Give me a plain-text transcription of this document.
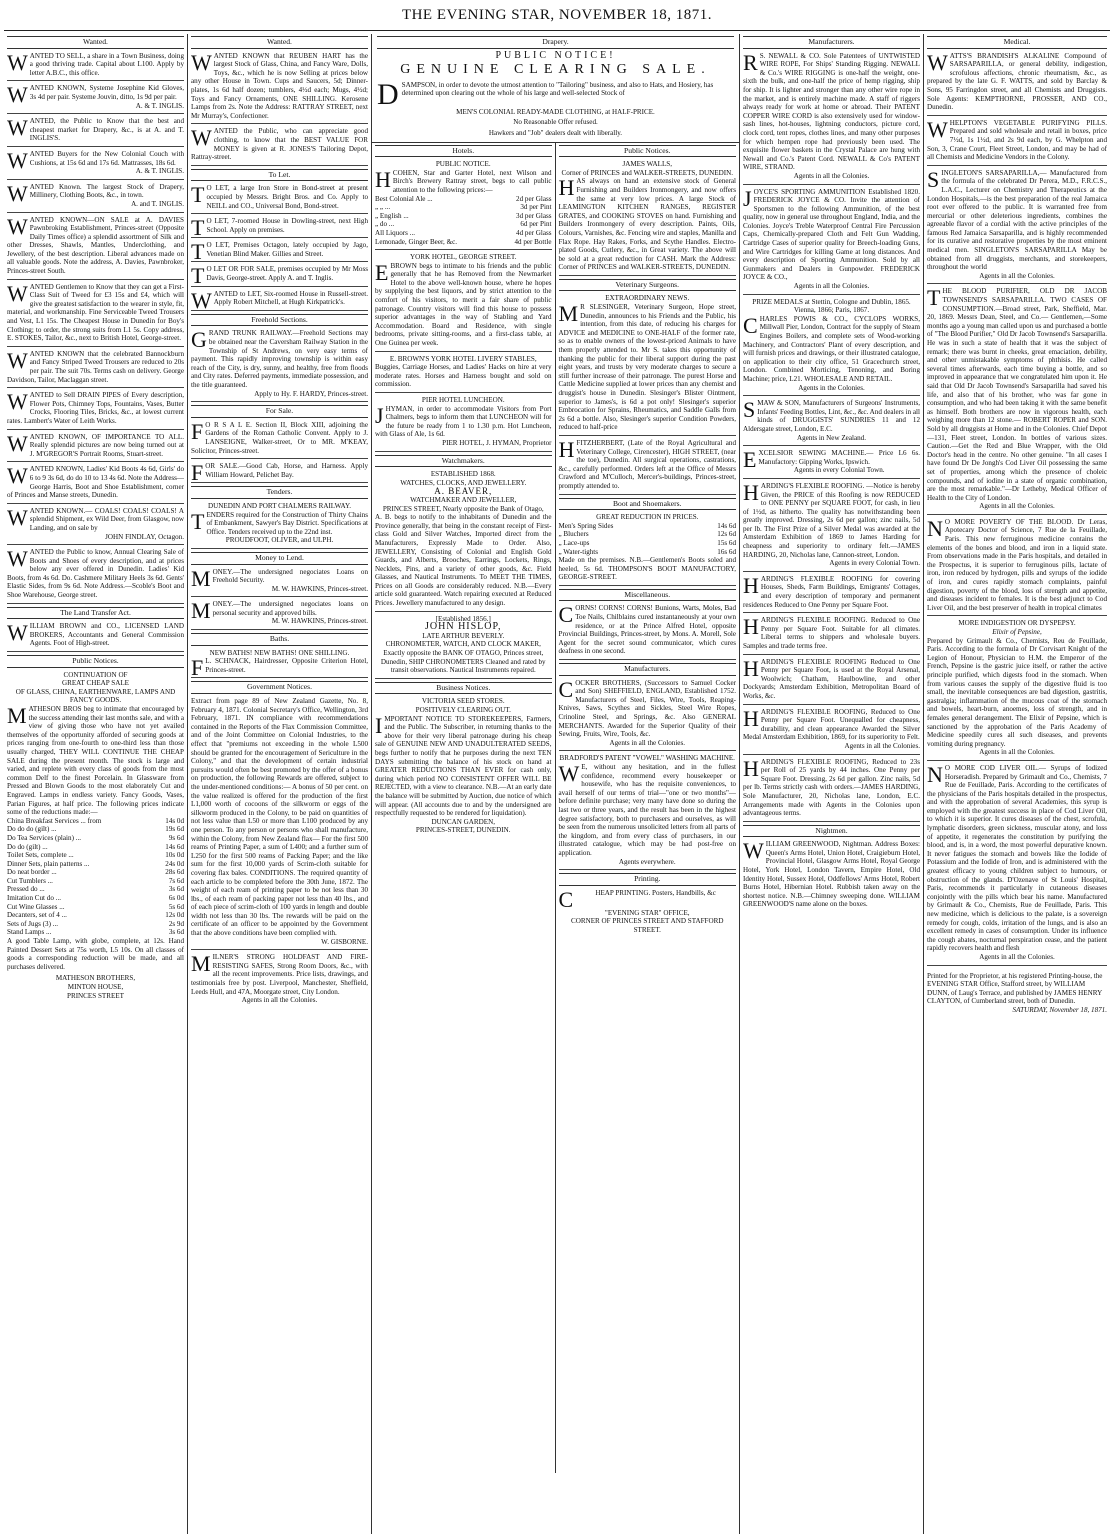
THE EVENING STAR, NOVEMBER 18, 1871.
Wanted.
W ANTED TO SELL, a share in a Town Business, doing a good thriving trade. Capital about L100. Apply by letter A.B.C., this office.

W ANTED KNOWN, Systeme Josephine Kid Gloves, 3s 4d per pair. Systeme Jouvin, ditto, 1s 9d per pair.

A. & T. INGLIS.

W ANTED, the Public to Know that the best and cheapest market for Drapery, &c., is at A. and T. INGLIS'S.

W ANTED Buyers for the New Colonial Couch with Cushions, at 15s 6d and 17s 6d. Mattrasses, 18s 6d.

A. & T. INGLIS.

W ANTED Known. The largest Stock of Drapery, Millinery, Clothing Boots, &c., in town.

A. and T. INGLIS.

W ANTED KNOWN—ON SALE at A. DAVIES Pawnbroking Establishment, Princes-street (Opposite Daily Times office) a splendid assortment of Silk and other Dresses, Shawls, Mantles, Underclothing, and Jewellery, of the best description. Liberal advances made on all valuable goods. Note the address, A. Davies, Pawnbroker, Princes-street South.

W ANTED Gentlemen to Know that they can get a First-Class Suit of Tweed for £3 15s and £4, which will give the greatest satisfaction to the wearer in style, fit, material, and workmanship. Fine Serviceable Tweed Trousers and Vest, L1 15s. The Cheapest House in Dunedin for Boy's Clothing; to order, the strong suits from L1 5s. Copy address, E. STOKES, Tailor, &c., next to British Hotel, George-street.

W ANTED KNOWN that the celebrated Bannockburn and Fancy Striped Tweed Trousers are reduced to 20s per pair. The suit 70s. Terms cash on delivery. George Davidson, Tailor, Maclaggan street.

W ANTED to Sell DRAIN PIPES of Every description, Flower Pots, Chimney Tops, Fountains, Vases, Butter Crocks, Flooring Tiles, Bricks, &c., at lowest current rates. Lambert's Water of Leith Works.

W ANTED KNOWN, OF IMPORTANCE TO ALL. Really splendid pictures are now being turned out at J. M'GREGOR'S Portrait Rooms, Stuart-street.

W ANTED KNOWN, Ladies' Kid Boots 4s 6d, Girls' do 6 to 9 3s 6d, do do 10 to 13 4s 6d. Note the Address—George Harris, Boot and Shoe Establishment, corner of Princes and Manse streets, Dunedin.

W ANTED KNOWN.— COALS! COALS! COALS! A splendid Shipment, ex Wild Deer, from Glasgow, now Landing, and on sale by

JOHN FINDLAY, Octagon.

W ANTED the Public to know, Annual Clearing Sale of Boots and Shoes of every description, and at prices below any ever offered in Dunedin. Ladies' Kid Boots, from 4s 6d. Do. Cashmere Military Heels 3s 6d. Gents' Elastic Sides, from 9s 6d. Note Address.—Scoble's Boot and Shoe Warehouse, George street.

The Land Transfer Act.
W ILLIAM BROWN and CO., LICENSED LAND BROKERS, Accountants and General Commission Agents. Foot of High-street.

Public Notices.
CONTINUATION OF
GREAT CHEAP SALE
OF GLASS, CHINA, EARTHENWARE, LAMPS AND FANCY GOODS.
M ATHESON BROS beg to intimate that encouraged by the success attending their last months sale, and with a view of giving those who have not yet availed themselves of the opportunity afforded of securing goods at prices ranging from one-fourth to one-third less than those usually charged, THEY WILL CONTINUE THE CHEAP SALE during the present month. The stock is large and varied, and replete with every class of goods from the most common Delf to the finest Porcelain. In Glassware from Pressed and Blown Goods to the most elaborately Cut and Engraved. Lamps in endless variety. Fancy Goods, Vases, Parian Figures, at half price. The following prices indicate some of the reductions made:—

China Breakfast Services ... from	14s 0d
Do do do (gilt) ...	19s 6d
Do Tea Services (plain) ...	9s 6d
Do do (gilt) ...	14s 6d
Toilet Sets, complete ...	10s 0d
Dinner Sets, plain patterns ...	24s 0d
Do neat border ...	28s 6d
Cut Tumblers ...	7s 6d
Pressed do ...	3s 6d
Imitation Cut do ...	6s 0d
Cut Wine Glasses ...	5s 6d
Decanters, set of 4 ...	12s 0d
Sets of Jugs (3) ...	2s 9d
Stand Lamps ...	3s 6d

A good Table Lamp, with globe, complete, at 12s. Hand Painted Dessert Sets at 75s worth, L5 10s. On all classes of goods a corresponding reduction will be made, and all purchases delivered.

MATHESON BROTHERS,
MINTON HOUSE,
PRINCES STREET
Wanted.
W ANTED KNOWN that REUBEN HART has the largest Stock of Glass, China, and Fancy Ware, Dolls, Toys, &c., which he is now Selling at prices below any other House in Town. Cups and Saucers, 5d; Dinner-plates, 1s 6d half dozen; tumblers, 4½d each; Mugs, 4½d; Toys and Fancy Ornaments, ONE SHILLING. Kerosene Lamps from 2s. Note the Address: RATTRAY STREET, next Mr Murray's, Confectioner.

W ANTED the Public, who can appreciate good clothing, to know that the BEST VALUE FOR MONEY is given at R. JONES'S Tailoring Depot, Rattray-street.

To Let.
T O LET, a large Iron Store in Bond-street at present occupied by Messrs. Bright Bros. and Co. Apply to NEILL and CO., Universal Bond, Bond-street.

T O LET, 7-roomed House in Dowling-street, next High School. Apply on premises.

T O LET, Premises Octagon, lately occupied by Jago, Venetian Blind Maker. Gillies and Street.

T O LET OR FOR SALE, premises occupied by Mr Moss Davis, George-street. Apply A. and T. Inglis.

W ANTED to LET, Six-roomed House in Russell-street. Apply Robert Mitchell, at Hugh Kirkpatrick's.

Freehold Sections.
G RAND TRUNK RAILWAY.—Freehold Sections may be obtained near the Caversham Railway Station in the Township of St Andrews, on very easy terms of payment. This rapidly improving township is within easy reach of the City, is dry, sunny, and healthy, free from floods and City rates. Deferred payments, immediate possession, and the title guaranteed.

Apply to Hy. F. HARDY, Princes-street.

For Sale.
F O R S A L E. Section II, Block XIII, adjoining the Gardens of the Roman Catholic Convent. Apply to J. LANSEIGNE, Walker-street, Or to MR. M'KEAY, Solicitor, Princes-street.

F OR SALE.—Good Cab, Horse, and Harness. Apply William Howard, Pelichet Bay.

Tenders.
DUNEDIN AND PORT CHALMERS RAILWAY.
T ENDERS required for the Construction of Thirty Chains of Embankment, Sawyer's Bay District. Specifications at Office. Tenders received up to the 22nd inst.

PROUDFOOT, OLIVER, and ULPH.

Money to Lend.
M ONEY.—The undersigned negociates Loans on Freehold Security.

M. W. HAWKINS, Princes-street.

M ONEY.—The undersigned negociates loans on personal security and approved bills.

M. W. HAWKINS, Princes-street.

Baths.
NEW BATHS! NEW BATHS! ONE SHILLING.
F L. SCHNACK, Hairdresser, Opposite Criterion Hotel, Princes-street.

Government Notices.

Extract from page 89 of New Zealand Gazette, No. 8, February 4, 1871. Colonial Secretary's Office, Wellington, 3rd February, 1871. IN compliance with recommendations contained in the Reports of the Flax Commission Committee, and of the Joint Committee on Colonial Industries, to the effect that "premiums not exceeding in the whole L500 should be granted for the encouragement of Sericulture in the Colony," and that the development of certain industrial pursuits would often be best promoted by the offer of a bonus on production, the following Rewards are offered, subject to the under-mentioned conditions:— A bonus of 50 per cent. on the value realized is offered for the production of the first L1,000 worth of cocoons of the silkworm or eggs of the silkworm produced in the Colony, to be paid on quantities of not less value than L50 or more than L100 produced by any one person. To any person or persons who shall manufacture, within the Colony, from New Zealand flax— For the first 500 reams of Printing Paper, a sum of L400; and a further sum of L250 for the first 500 reams of Packing Paper; and the like sum for the first 10,000 yards of Scrim-cloth suitable for covering flax bales. CONDITIONS. The required quantity of each article to be completed before the 30th June, 1872. The weight of each ream of printing paper to be not less than 30 lbs., of each ream of packing paper not less than 40 lbs., and of each piece of scrim-cloth of 100 yards in length and double width not less than 30 lbs. The rewards will be paid on the certificate of an officer to be appointed by the Government that the above conditions have been complied with.

W. GISBORNE.

M ILNER'S STRONG HOLDFAST AND FIRE-RESISTING SAFES, Strong Room Doors, &c., with all the recent improvements. Price lists, drawings, and testimonials free by post. Liverpool, Manchester, Sheffield, Leeds Hull, and 47A, Moorgate street, City London.

Agents in all the Colonies.

Drapery.
PUBLIC NOTICE!
GENUINE CLEARING SALE.
D SAMPSON, in order to devote the utmost attention to "Tailoring" business, and also to Hats, and Hosiery, has determined upon clearing out the whole of his large and well-selected Stock of

MEN'S COLONIAL READY-MADE CLOTHING, at HALF-PRICE.

No Reasonable Offer refused.

Hawkers and "Job" dealers dealt with liberally.

Hotels.
PUBLIC NOTICE.
H COHEN, Star and Garter Hotel, next Wilson and Birch's Brewery Rattray street, begs to call public attention to the following prices:—

Best Colonial Ale ...	2d per Glass
„ „ ...	3d per Pint
„ English ...	3d per Glass
„ do ...	6d per Pint
All Liquors ...	4d per Glass
Lemonade, Ginger Beer, &c.	4d per Bottle
YORK HOTEL, GEORGE STREET.
E BROWN begs to intimate to his friends and the public generally that he has Removed from the Newmarket Hotel to the above well-known house, where he hopes by supplying the best liquors, and by strict attention to the comfort of his visitors, to merit a fair share of public patronage. Country visitors will find this house to possess superior advantages in the way of Stabling and Yard Accommodation. Board and Residence, with single bedrooms, private sitting-rooms, and a first-class table, at One Guinea per week.

E. BROWN'S YORK HOTEL LIVERY STABLES,

Buggies, Carriage Horses, and Ladies' Hacks on hire at very moderate rates. Horses and Harness bought and sold on commission.

PIER HOTEL LUNCHEON.
J HYMAN, in order to accommodate Visitors from Port Chalmers, begs to inform them that LUNCHEON will for the future be ready from 1 to 1.30 p.m. Hot Luncheon, with Glass of Ale, 1s 6d.

PIER HOTEL, J. HYMAN, Proprietor

Watchmakers.
ESTABLISHED 1868.
WATCHES, CLOCKS, AND JEWELLERY.
A. BEAVER,
WATCHMAKER AND JEWELLER,
PRINCES STREET, Nearly opposite the Bank of Otago,

A. B. begs to notify to the inhabitants of Dunedin and the Province generally, that being in the constant receipt of First-class Gold and Silver Watches, Imported direct from the Manufacturers, Expressly Made to Order. Also, JEWELLERY, Consisting of Colonial and English Gold Guards, and Alberts, Brooches, Earrings, Lockets, Rings, Necklets, Pins, and a variety of other goods, &c. Field Glasses, and Nautical Instruments. To MEET THE TIMES, Prices on all Goods are considerably reduced. N.B.—Every article sold guaranteed. Watch repairing executed at Reduced Prices. Jewellery manufactured to any design.

[Established 1856.]
JOHN HISLOP,
LATE ARTHUR BEVERLY.
CHRONOMETER, WATCH, AND CLOCK MAKER,

Exactly opposite the BANK OF OTAGO, Princes street, Dunedin, SHIP CHRONOMETERS Cleaned and rated by transit observations. Nautical Instruments repaired.

Business Notices.
VICTORIA SEED STORES.
POSITIVELY CLEARING OUT.
I MPORTANT NOTICE TO STOREKEEPERS, Farmers, and the Public. The Subscriber, in returning thanks to the above for their very liberal patronage during his cheap sale of GENUINE NEW AND UNADULTERATED SEEDS, begs further to notify that he purposes during the next TEN DAYS submitting the balance of his stock on hand at GREATER REDUCTIONS THAN EVER for cash only, during which period NO CONSISTENT OFFER WILL BE REJECTED, with a view to clearance. N.B.—At an early date the balance will be submitted by Auction, due notice of which will appear. (All accounts due to and by the undersigned are respectfully requested to be rendered for liquidation).

DUNCAN GARDEN,
PRINCES-STREET, DUNEDIN.
Public Notices.
JAMES WALLS,
Corner of PRINCES and WALKER-STREETS, DUNEDIN.
H AS always on hand an extensive stock of General Furnishing and Builders Ironmongery, and now offers the same at very low prices. A large Stock of LEAMINGTON KITCHEN RANGES, REGISTER GRATES, and COOKING STOVES on hand. Furnishing and Builders Ironmongery of every description. Paints, Oils, Colours, Varnishes, &c. Fencing wire and staples, Manilla and Flax Rope. Hay Rakes, Forks, and Scythe Handles. Electro-plated Goods, Cutlery, &c., in Great variety. The above will be sold at a great reduction for CASH. Mark the Address: Corner of PRINCES and WALKER-STREETS, DUNEDIN.

Veterinary Surgeons.
EXTRAORDINARY NEWS.
M R SLESINGER, Veterinary Surgeon, Hope street, Dunedin, announces to his Friends and the Public, his intention, from this date, of reducing his charges for ADVICE and MEDICINE to ONE-HALF of the former rate, so as to enable owners of the lowest-priced Animals to have them properly attended to. Mr S. takes this opportunity of thanking the public for their liberal support during the past eight years, and trusts by very moderate charges to secure a still further increase of their patronage. The purest Horse and Cattle Medicine supplied at lower prices than any chemist and druggist's house in Dunedin. Slesinger's Blister Ointment, superior to James's, is 6d a pot only! Slesinger's superior Embrocation for Sprains, Rheumatics, and Saddle Galls from 2s 6d a bottle. Also, Slesinger's superior Condition Powders, reduced to half-price

H FITZHERBERT, (Late of the Royal Agricultural and Veterinary College, Cirencester), HIGH STREET, (near the toe), Dunedin. All surgical operations, castrations, &c., carefully performed. Orders left at the Office of Messrs Crawford and M'Culloch, Mercer's-buildings, Princes-street, promptly attended to.

Boot and Shoemakers.
GREAT REDUCTION IN PRICES.
Men's Spring Sides	14s 6d
„ Bluchers	12s 6d
„ Lace-ups	15s 6d
„ Water-tights	16s 6d

Made on the premises. N.B.—Gentlemen's Boots soled and heeled, 5s 6d. THOMPSON'S BOOT MANUFACTORY, GEORGE-STREET.

Miscellaneous.
C ORNS! CORNS! CORNS! Bunions, Warts, Moles, Bad Toe Nails, Chilblains cured instantaneously at your own residence, or at the Prince Alfred Hotel, opposite Provincial Buildings, Princes-street, by Mons. A. Morell, Sole Agent for the secret sound communicator, which cures deafness in one second.

Manufacturers.
C OCKER BROTHERS, (Successors to Samuel Cocker and Son) SHEFFIELD, ENGLAND, Established 1752. Manufacturers of Steel, Files, Wire, Tools, Reaping-Knives, Saws, Scythes and Sickles, Steel Wire Ropes, Crinoline Steel, and Springs, &c. Also GENERAL MERCHANTS. Awarded for the Superior Quality of their Sewing, Fruits, Wire, Tools, &c.

Agents in all the Colonies.

BRADFORD'S PATENT "VOWEL" WASHING MACHINE.
W E, without any hesitation, and in the fullest confidence, recommend every housekeeper or housewife, who has the requisite conveniences, to avail herself of our terms of trial—"one or two months"—before definite purchase; very many have done so during the last two or three years, and the result has been in the highest degree satisfactory, both to purchasers and ourselves, as will be seen from the numerous unsolicited letters from all parts of the kingdom, and from every class of purchasers, in our illustrated catalogue, which may be had post-free on application.

Agents everywhere.

Printing.
C	HEAP PRINTING. Posters, Handbills, &c

"EVENING STAR" OFFICE,

CORNER OF PRINCES STREET AND STAFFORD STREET.

Manufacturers.
R S. NEWALL & CO. Sole Patentees of UNTWISTED WIRE ROPE, For Ships' Standing Rigging. NEWALL & Co.'s WIRE RIGGING is one-half the weight, one-sixth the bulk, and one-half the price of hemp rigging, ship for ship. It is lighter and stronger than any other wire rope in the market, and is entirely machine made. A staff of riggers always ready for work at home or abroad. Their PATENT COPPER WIRE CORD is also extensively used for window-sash lines, hot-houses, lightning conductors, picture cord, clock cord, tent ropes, clothes lines, and many other purposes for which hempen rope had previously been used. The exquisite flower baskets in the Crystal Palace are hung with Newall and Co.'s Patent Cord. NEWALL & Co's PATENT WIRE, STRAND.

Agents in all the Colonies.

J OYCE'S SPORTING AMMUNITION Established 1820. FREDERICK JOYCE & CO. Invite the attention of Sportsmen to the following Ammunition, of the best quality, now in general use throughout England, India, and the Colonies. Joyce's Treble Waterproof Central Fire Percussion Caps, Chemically-prepared Cloth and Felt Gun Wadding, Cartridge Cases of superior quality for Breech-loading Guns, and Wire Cartridges for killing Game at long distances. And every description of Sporting Ammunition. Sold by all Gunmakers and Dealers in Gunpowder. FREDERICK JOYCE & CO.,

Agents in all the Colonies.

PRIZE MEDALS at Stettin, Cologne and Dublin, 1865. Vienna, 1866; Paris, 1867.
C HARLES POWIS & CO., CYCLOPS WORKS, Millwall Pier, London, Contract for the supply of Steam Engines Boilers, and complete sets of Wood-working Machinery, and Contractors' Plant of every description, and will furnish prices and drawings, or their illustrated catalogue, on application to their city office, 51 Gracechurch street, London. Combined Morticing, Tenoning, and Boring Machine; price, L21. WHOLESALE AND RETAIL.

Agents in the Colonies.

S MAW & SON, Manufacturers of Surgeons' Instruments, Infants' Feeding Bottles, Lint, &c., &c. And dealers in all kinds of DRUGGISTS' SUNDRIES 11 and 12 Aldersgate street, London, E.C.

Agents in New Zealand.

E XCELSIOR SEWING MACHINE.— Price L6 6s. Manufactory: Gipping Works, Ipswich.

Agents in every Colonial Town.

H ARDING'S FLEXIBLE ROOFING. —Notice is hereby Given, the PRICE of this Roofing is now REDUCED to ONE PENNY per SQUARE FOOT, for cash, in lieu of 1½d, as hitherto. The quality has notwithstanding been greatly improved. Dressing, 2s 6d per gallon; zinc nails, 5d per lb. The First Prize of a Silver Medal was awarded at the Amsterdam Exhibition of 1869 to James Harding for cheapness and superiority to ordinary felt.—JAMES HARDING, 20, Nicholas lane, Cannon-street, London.

Agents in every Colonial Town.

H ARDING'S FLEXIBLE ROOFING for covering Houses, Sheds, Farm Buildings, Emigrants' Cottages, and every description of temporary and permanent residences Reduced to One Penny per Square Foot.

H ARDING'S FLEXIBLE ROOFING. Reduced to One Penny per Square Foot. Suitable for all climates. Liberal terms to shippers and wholesale buyers. Samples and trade terms free.

H ARDING'S FLEXIBLE ROOFING Reduced to One Penny per Square Foot, is used at the Royal Arsenal, Woolwich; Chatham, Haulbowline, and other Dockyards; Amsterdam Exhibition, Metropolitan Board of Works, &c.

H ARDING'S FLEXIBLE ROOFING, Reduced to One Penny per Square Foot. Unequalled for cheapness, durability, and clean appearance Awarded the Silver Medal Amsterdam Exhibition, 1869, for its superiority to Felt.

Agents in all the Colonies.

H ARDING'S FLEXIBLE ROOFING, Reduced to 23s per Roll of 25 yards by 44 inches. One Penny per Square Foot. Dressing, 2s 6d per gallon. Zinc nails, 5d per lb. Terms strictly cash with orders.—JAMES HARDING, Sole Manufacturer, 20, Nicholas lane, London, E.C. Arrangements made with Agents in the Colonies upon advantageous terms.

Nightmen.
W ILLIAM GREENWOOD, Nightman. Address Boxes: Queen's Arms Hotel, Union Hotel, Craigieburn Hotel, Provincial Hotel, Glasgow Arms Hotel, Royal George Hotel, York Hotel, London Tavern, Empire Hotel, Old Identity Hotel, Sussex Hotel, Oddfellows' Arms Hotel, Robert Burns Hotel, Hibernian Hotel. Rubbish taken away on the shortest notice. N.B.—Chimney sweeping done. WILLIAM GREENWOOD'S name alone on the boxes.

Medical.
W ATTS'S BRANDISH'S ALKALINE Compound of SARSAPARILLA, or general debility, indigestion, scrofulous affections, chronic rheumatism, &c., as prepared by the late G. F. WATTS, and sold by Barclay & Sons, 95 Farringdon street, and all Chemists and Druggists. Sole Agents: KEMPTHORNE, PROSSER, AND CO., Dunedin.

W HELPTON'S VEGETABLE PURIFYING PILLS. Prepared and sold wholesale and retail in boxes, price 7½d, 1s 1½d, and 2s 9d each, by G. Whelpton and Son, 3, Crane Court, Fleet Street, London, and may be had of all Chemists and Medicine Vendors in the Colony.

S INGLETON'S SARSAPARILLA,— Manufactured from the formula of the celebrated Dr Perera, M.D., F.R.C.S., L.A.C., Lecturer on Chemistry and Therapeutics at the London Hospitals,—is the best preparation of the real Jamaica root ever offered to the public. It is warranted free from mercurial or other deleterious ingredients, combines the agreeable flavor of a cordial with the active principles of the famous Red Jamaica Sarsaparilla, and is highly recommended for its curative and restorative properties by the most eminent medical men. SINGLETON'S SARSAPARILLA May be obtained from all druggists, merchants, and storekeepers, throughout the world

Agents in all the Colonies.

T HE BLOOD PURIFIER, OLD DR JACOB TOWNSEND'S SARSAPARILLA. TWO CASES OF CONSUMPTION.—Broad street, Park, Sheffield, Mar. 20, 1869. Messrs Dean, Steel, and Co.— Gentlemen,—Some months ago a young man called upon us and purchased a bottle of "The Blood Purifier," Old Dr Jacob Townsend's Sarsaparilla. He was in such a state of health that it was the subject of remark; there was burnt in cheeks, great emaciation, debility, and other unmistakable symptoms of phthisis. He called several times afterwards, each time buying a bottle, and so improved in appearance that we congratulated him upon it. He said that Old Dr Jacob Townsend's Sarsaparilla had saved his life, and also that of his brother, who was far gone in consumption, and who had been taking it with the same benefit as himself. Both brothers are now in vigorous health, each weighing more than 12 stone.— ROBERT ROPER and SON. Sold by all druggists at Home and in the Colonies. Chief Depot—131, Fleet street, London. In bottles of various sizes. Caution.—Get the Red and Blue Wrapper, with the Old Doctor's head in the centre. No other genuine. "In all cases I have found Dr De Jongh's Cod Liver Oil possessing the same set of properties, among which the presence of choleic compounds, and of iodine in a state of organic combination, are the most remarkable."—Dr Letheby, Medical Officer of Health to the City of London.

Agents in all the Colonies.

N O MORE POVERTY OF THE BLOOD. Dr Leras, Apotecary Doctor of Science, 7 Rue de la Feuillade, Paris. This new ferruginous medicine contains the elements of the bones and blood, and iron in a liquid state. From observations made in the Paris hospitals, and detailed in the Prospectus, it is superior to ferruginous pills, lactate of iron, iron reduced by hydrogen, pills and syrups of the iodide of iron, and cures rapidly stomach complaints, painful digestion, poverty of the blood, loss of strength and appetite, and diseases incident to females. It is the best adjunct to Cod Liver Oil, and the best preserver of health in tropical climates

MORE INDIGESTION OR DYSPEPSY.
Elixir of Pepsine,

Prepared by Grimault & Co., Chemists, Reu de Feuillade, Paris. According to the formula of Dr Corvisart Knight of the Legion of Honour, Physician to H.M. the Emperor of the French, Pepsine is the gastric juice itself, or rather the active principle purified, which digests food in the stomach. When from various causes the supply of the digestive fluid is too small, the inevitable consequences are bad digestion, gastritis, gastralgia; inflammation of the mucous coat of the stomach and bowels, heart-burn, anoemes, loss of strength, and in females general derangement. The Elixir of Pepsine, which is sanctioned by the approbation of the Paris Academy of Medicine speedily cures all such diseases, and prevents vomiting during pregnancy.

Agents in all the Colonies.

N O MORE COD LIVER OIL.— Syrups of Iodized Horseradish. Prepared by Grimault and Co., Chemists, 7 Rue de Feuillade, Paris. According to the certificates of the physicians of the Paris hospitals detailed in the prospectus, and with the approbation of several Academies, this syrup is employed with the greatest success in place of Cod Liver Oil, to which it is superior. It cures diseases of the chest, scrofula, lymphatic disorders, green sickness, muscular atony, and loss of appetite, it regenerates the constitution by purifying the blood, and is, in a word, the most powerful depurative known. It never fatigues the stomach and bowels like the Iodide of Potassium and the Iodide of Iron, and is administered with the greatest efficacy to young children subject to humours, or obstruction of the glands. D'Ozenave of St Louis' Hospital, Paris, recommends it particularly in cutaneous diseases conjointly with the pills which bear his name. Manufactured by Grimault & Co., Chemists, Rue de Feuillade, Paris. This new medicine, which is delicious to the palate, is a sovereign remedy for cough, colds, irritation of the lungs, and is also an excellent remedy in cases of consumption. Under its influence the cough abates, nocturnal perspiration cease, and the patient rapidly recovers health and flesh

Agents in all the Colonies.

Printed for the Proprietor, at his registered Printing-house, the EVENING STAR Office, Stafford street, by WILLIAM DUNN, of Laug's Terrace, and published by JAMES HENRY CLAYTON, of Cumberland street, both of Dunedin.

SATURDAY, November 18, 1871.
